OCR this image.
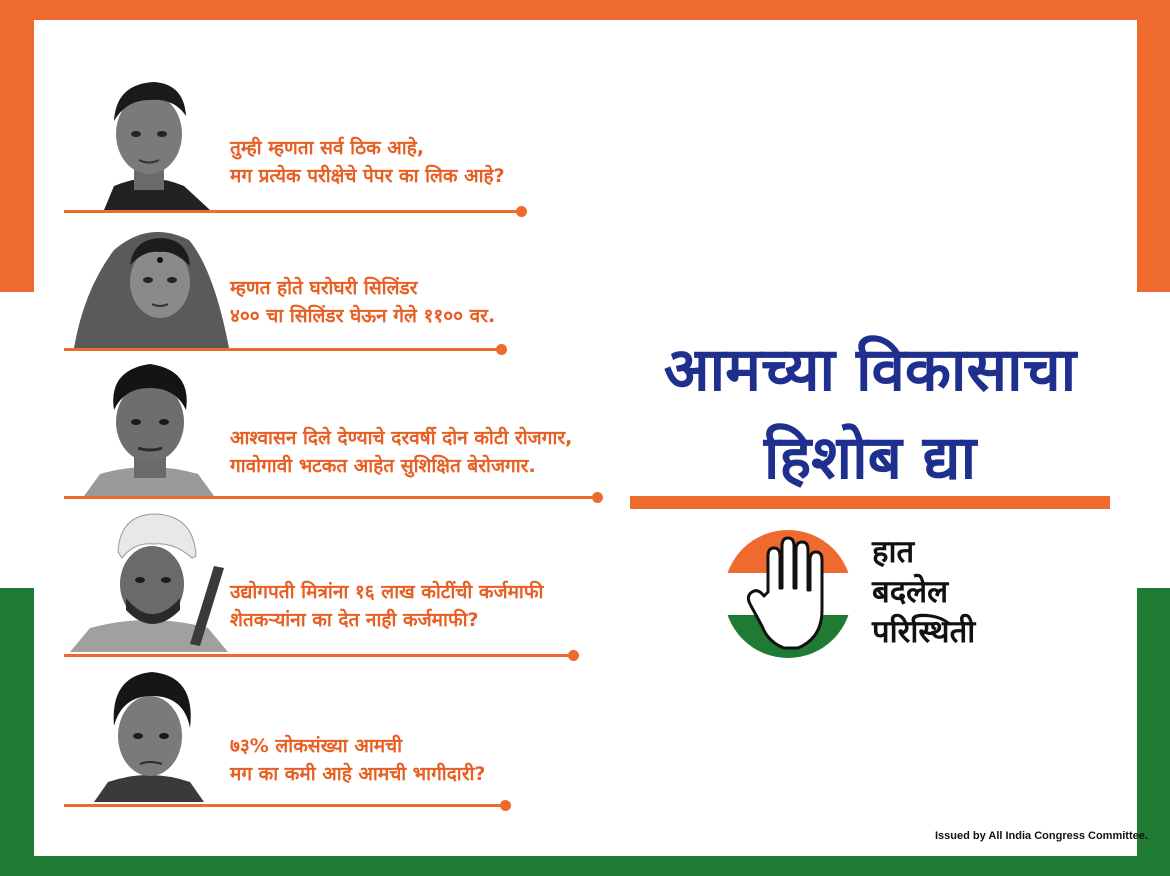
तुम्ही म्हणता सर्व ठिक आहे,
मग प्रत्येक परीक्षेचे पेपर का लिक आहे?
म्हणत होते घरोघरी सिलिंडर
४०० चा सिलिंडर घेऊन गेले ११०० वर.
आश्वासन दिले देण्याचे दरवर्षी दोन कोटी रोजगार,
गावोगावी भटकत आहेत सुशिक्षित बेरोजगार.
उद्योगपती मित्रांना १६ लाख कोटींची कर्जमाफी
शेतकऱ्यांना का देत नाही कर्जमाफी?
७३% लोकसंख्या आमची
मग का कमी आहे आमची भागीदारी?
आमच्या विकासाचा
हिशोब द्या
हात
बदलेल
परिस्थिती
Issued by All India Congress Committee.
